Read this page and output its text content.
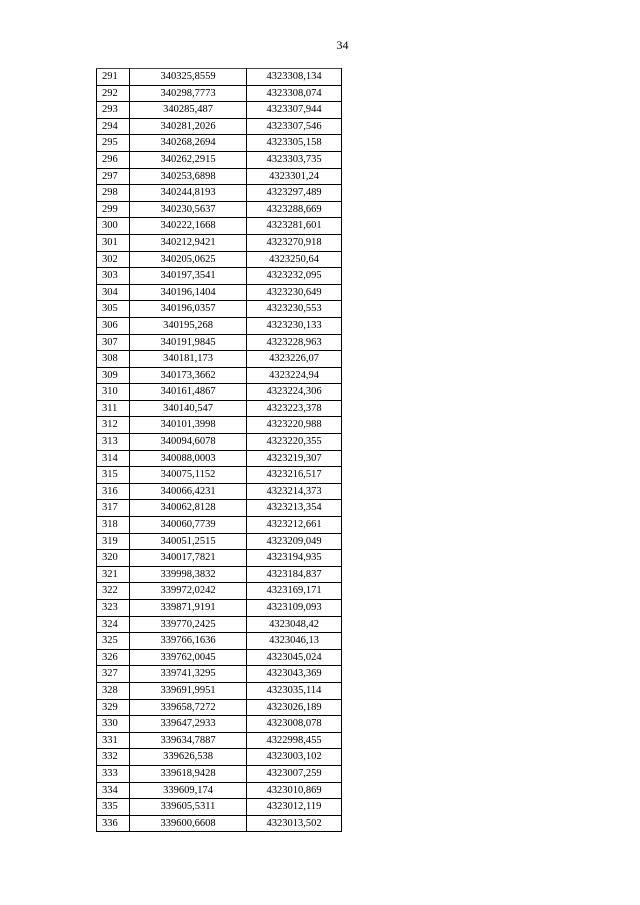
34
291	340325,8559	4323308,134
292	340298,7773	4323308,074
293	340285,487	4323307,944
294	340281,2026	4323307,546
295	340268,2694	4323305,158
296	340262,2915	4323303,735
297	340253,6898	4323301,24
298	340244,8193	4323297,489
299	340230,5637	4323288,669
300	340222,1668	4323281,601
301	340212,9421	4323270,918
302	340205,0625	4323250,64
303	340197,3541	4323232,095
304	340196,1404	4323230,649
305	340196,0357	4323230,553
306	340195,268	4323230,133
307	340191,9845	4323228,963
308	340181,173	4323226,07
309	340173,3662	4323224,94
310	340161,4867	4323224,306
311	340140,547	4323223,378
312	340101,3998	4323220,988
313	340094,6078	4323220,355
314	340088,0003	4323219,307
315	340075,1152	4323216,517
316	340066,4231	4323214,373
317	340062,8128	4323213,354
318	340060,7739	4323212,661
319	340051,2515	4323209,049
320	340017,7821	4323194,935
321	339998,3832	4323184,837
322	339972,0242	4323169,171
323	339871,9191	4323109,093
324	339770,2425	4323048,42
325	339766,1636	4323046,13
326	339762,0045	4323045,024
327	339741,3295	4323043,369
328	339691,9951	4323035,114
329	339658,7272	4323026,189
330	339647,2933	4323008,078
331	339634,7887	4322998,455
332	339626,538	4323003,102
333	339618,9428	4323007,259
334	339609,174	4323010,869
335	339605,5311	4323012,119
336	339600,6608	4323013,502
